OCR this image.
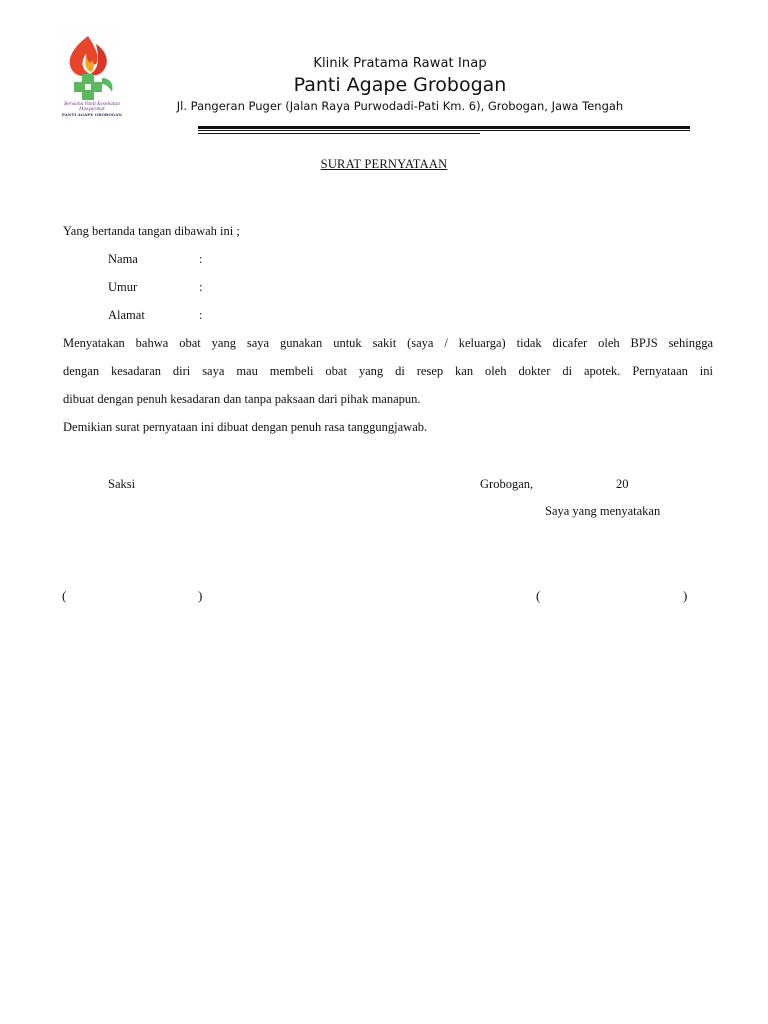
Bersama Panti Kesehatan
Masyarakat
PANTI AGAPE GROBOGAN
Klinik Pratama Rawat Inap
Panti Agape Grobogan
Jl. Pangeran Puger (Jalan Raya Purwodadi-Pati Km. 6), Grobogan, Jawa Tengah
SURAT PERNYATAAN
Yang bertanda tangan dibawah ini ;
Nama	:
Umur	:
Alamat	:
Menyatakan bahwa obat yang saya gunakan untuk sakit (saya / keluarga) tidak dicafer oleh BPJS sehingga
dengan kesadaran diri saya mau membeli obat yang di resep kan oleh dokter di apotek. Pernyataan ini
dibuat dengan penuh kesadaran dan tanpa paksaan dari pihak manapun.
Demikian surat pernyataan ini dibuat dengan penuh rasa tanggungjawab.
Saksi	Grobogan,	20
Saya yang menyatakan
(	)	(	)
